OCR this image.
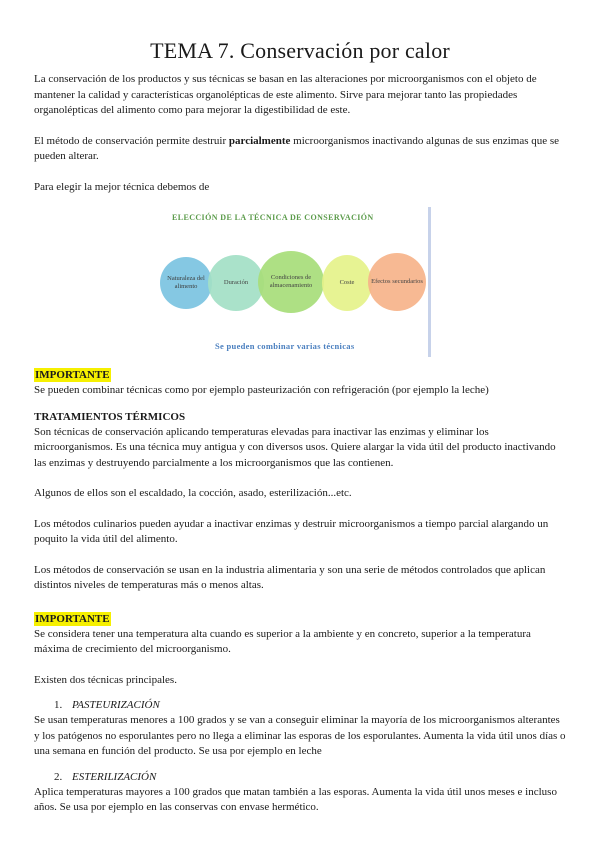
TEMA 7. Conservación por calor

La conservación de los productos y sus técnicas se basan en las alteraciones por microorganismos con el objeto de mantener la calidad y características organolépticas de este alimento. Sirve para mejorar tanto las propiedades organolépticas del alimento como para mejorar la digestibilidad de este.

El método de conservación permite destruir parcialmente microorganismos inactivando algunas de sus enzimas que se pueden alterar.

Para elegir la mejor técnica debemos de

ELECCIÓN DE LA TÉCNICA DE CONSERVACIÓN
Naturaleza del alimento
Duración
Condiciones de almacenamiento	Coste	Efectos secundarios
Se pueden combinar varias técnicas
IMPORTANTE

Se pueden combinar técnicas como por ejemplo pasteurización con refrigeración (por ejemplo la leche)

TRATAMIENTOS TÉRMICOS

Son técnicas de conservación aplicando temperaturas elevadas para inactivar las enzimas y eliminar los microorganismos. Es una técnica muy antigua y con diversos usos. Quiere alargar la vida útil del producto inactivando las enzimas y destruyendo parcialmente a los microorganismos que las contienen.

Algunos de ellos son el escaldado, la cocción, asado, esterilización...etc.

Los métodos culinarios pueden ayudar a inactivar enzimas y destruir microorganismos a tiempo parcial alargando un poquito la vida útil del alimento.

Los métodos de conservación se usan en la industria alimentaria y son una serie de métodos controlados que aplican distintos niveles de temperaturas más o menos altas.

IMPORTANTE

Se considera tener una temperatura alta cuando es superior a la ambiente y en concreto, superior a la temperatura máxima de crecimiento del microorganismo.

Existen dos técnicas principales.

1. PASTEURIZACIÓN

Se usan temperaturas menores a 100 grados y se van a conseguir eliminar la mayoría de los microorganismos alterantes y los patógenos no esporulantes pero no llega a eliminar las esporas de los esporulantes. Aumenta la vida útil unos días o una semana en función del producto. Se usa por ejemplo en leche

2. ESTERILIZACIÓN

Aplica temperaturas mayores a 100 grados que matan también a las esporas. Aumenta la vida útil unos meses e incluso años. Se usa por ejemplo en las conservas con envase hermético.
